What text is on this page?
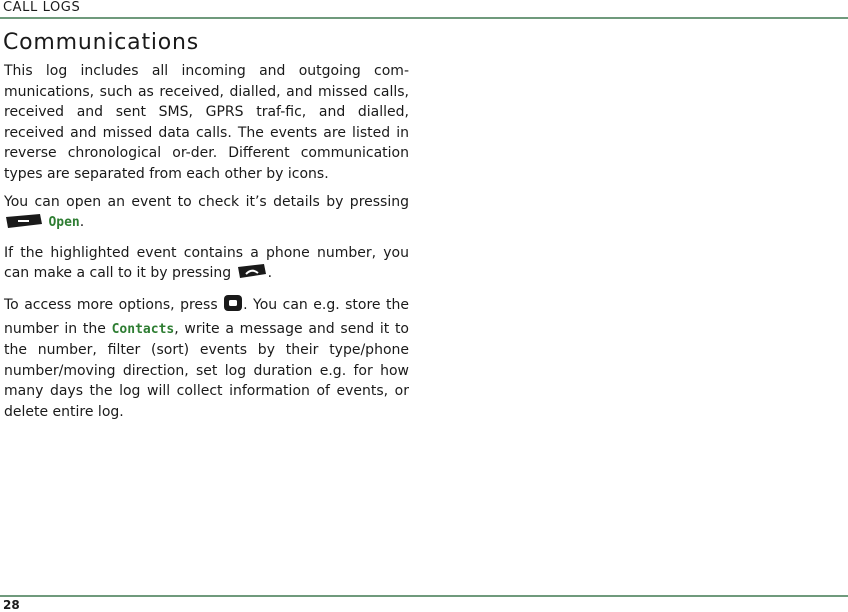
CALL LOGS
Communications

This log includes all incoming and outgoing com-munications, such as received, dialled, and missed calls, received and sent SMS, GPRS traf-fic, and dialled, received and missed data calls. The events are listed in reverse chronological or-der. Different communication types are separated from each other by icons.

You can open an event to check it’s details by pressing  Open.

If the highlighted event contains a phone number, you can make a call to it by pressing .

To access more options, press . You can e.g. store the number in the Contacts, write a message and send it to the number, filter (sort) events by their type/phone number/moving direction, set log duration e.g. for how many days the log will collect information of events, or delete entire log.

28
